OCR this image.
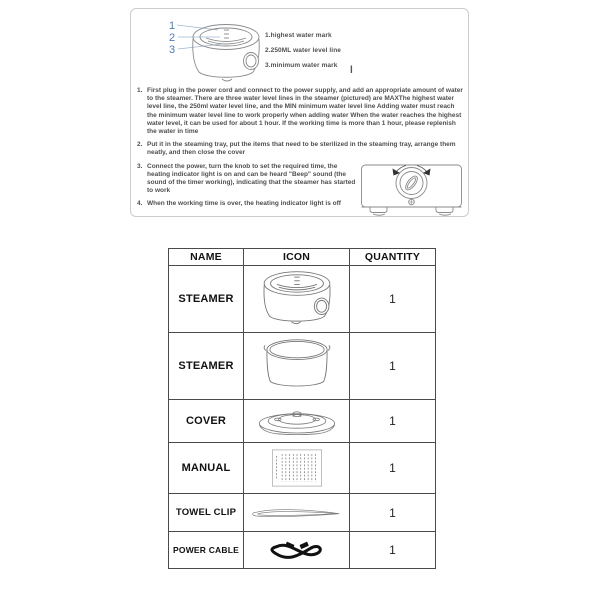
1
2
3
1.highest water mark
2.250ML water level line
3.minimum water mark	l
1. First plug in the power cord and connect to the power supply, and add an appropriate amount of water to the steamer. There are three water level lines in the steamer (pictured) are MAXThe highest water level line, the 250ml water level line, and the MIN minimum water level line Adding water must reach the minimum water level line to work properly when adding water When the water reaches the highest water level, it can be used for about 1 hour. If the working time is more than 1 hour, please replenish the water in time
2. Put it in the steaming tray, put the items that need to be sterilized in the steaming tray, arrange them neatly, and then close the cover
3. Connect the power, turn the knob to set the required time, the heating indicator light is on and can be heard "Beep" sound (the sound of the timer working), indicating that the steamer has started to work
4. When the working time is over, the heating indicator light is off
NAME	ICON	QUANTITY
STEAMER	1
STEAMER	1
COVER	1
MANUAL	1
TOWEL CLIP	1
POWER CABLE	1
